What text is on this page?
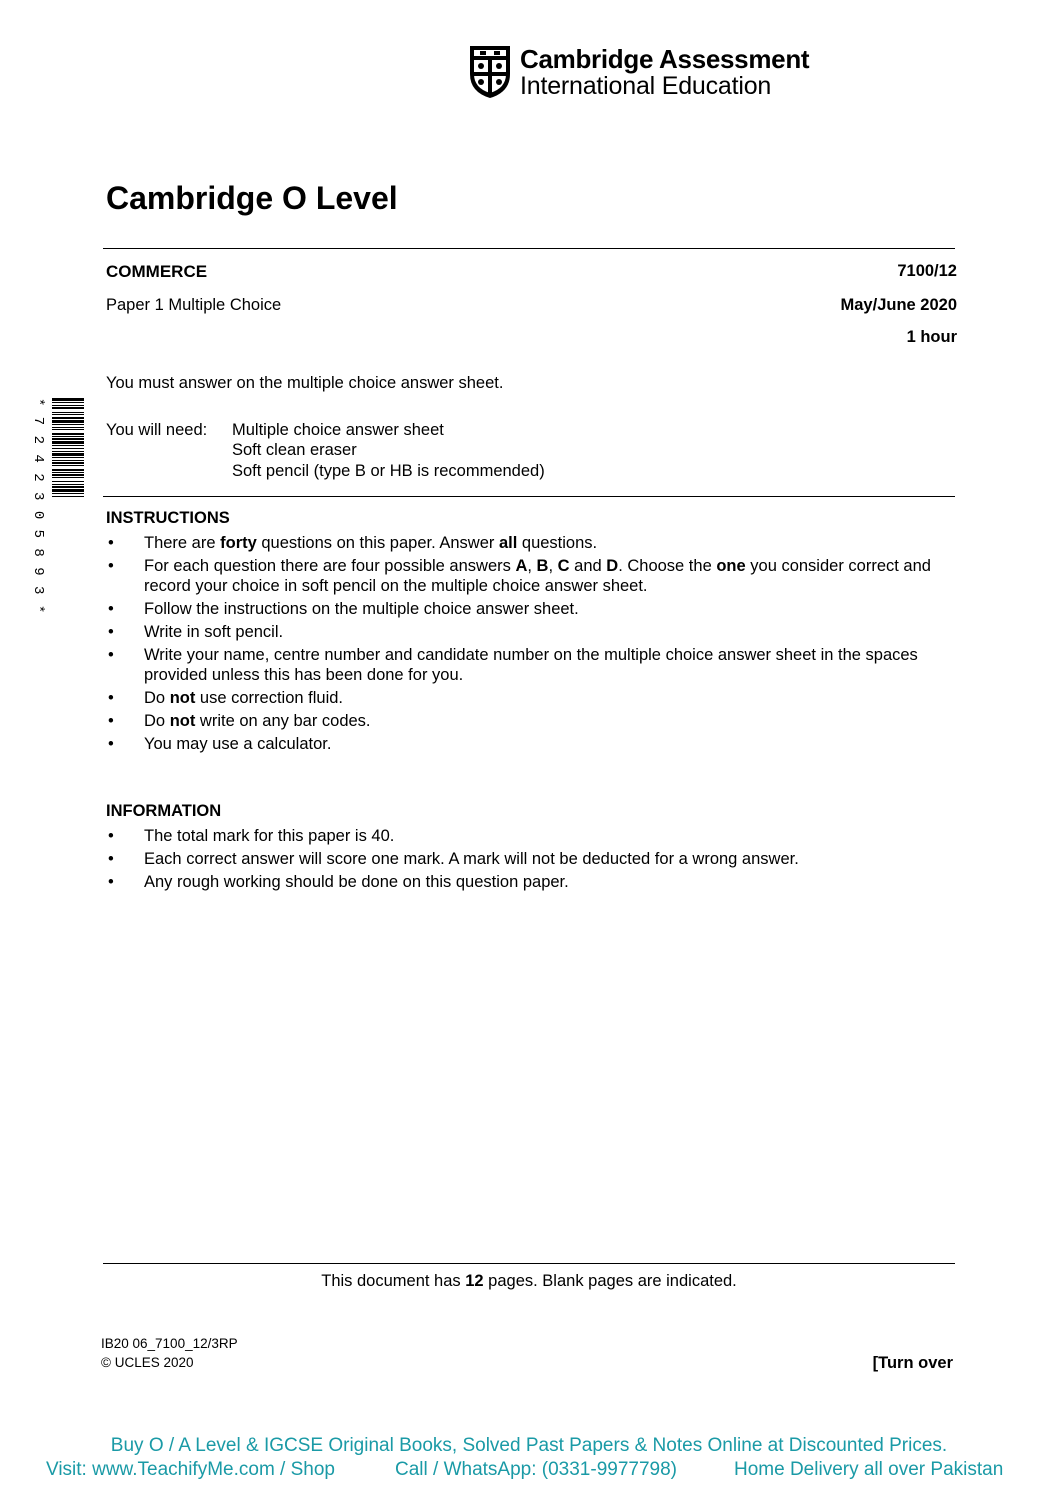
Cambridge Assessment
International Education
Cambridge O Level
COMMERCE	7100/12
Paper 1 Multiple Choice	May/June 2020
1 hour
You must answer on the multiple choice answer sheet.
You will need: Multiple choice answer sheet
Soft clean eraser
Soft pencil (type B or HB is recommended)
* 7 2 4 2 3 0 5 8 9 3 *	INSTRUCTIONS
• There are forty questions on this paper. Answer all questions.
• For each question there are four possible answers A, B, C and D. Choose the one you consider correct and record your choice in soft pencil on the multiple choice answer sheet.
• Follow the instructions on the multiple choice answer sheet.
• Write in soft pencil.
• Write your name, centre number and candidate number on the multiple choice answer sheet in the spaces provided unless this has been done for you.
• Do not use correction fluid.
• Do not write on any bar codes.
• You may use a calculator.
INFORMATION
• The total mark for this paper is 40.
• Each correct answer will score one mark. A mark will not be deducted for a wrong answer.
• Any rough working should be done on this question paper.
This document has 12 pages. Blank pages are indicated.
IB20 06_7100_12/3RP
© UCLES 2020	[Turn over
Buy O / A Level & IGCSE Original Books, Solved Past Papers & Notes Online at Discounted Prices.
Visit: www.TeachifyMe.com / Shop	Call / WhatsApp: (0331-9977798)	Home Delivery all over Pakistan
